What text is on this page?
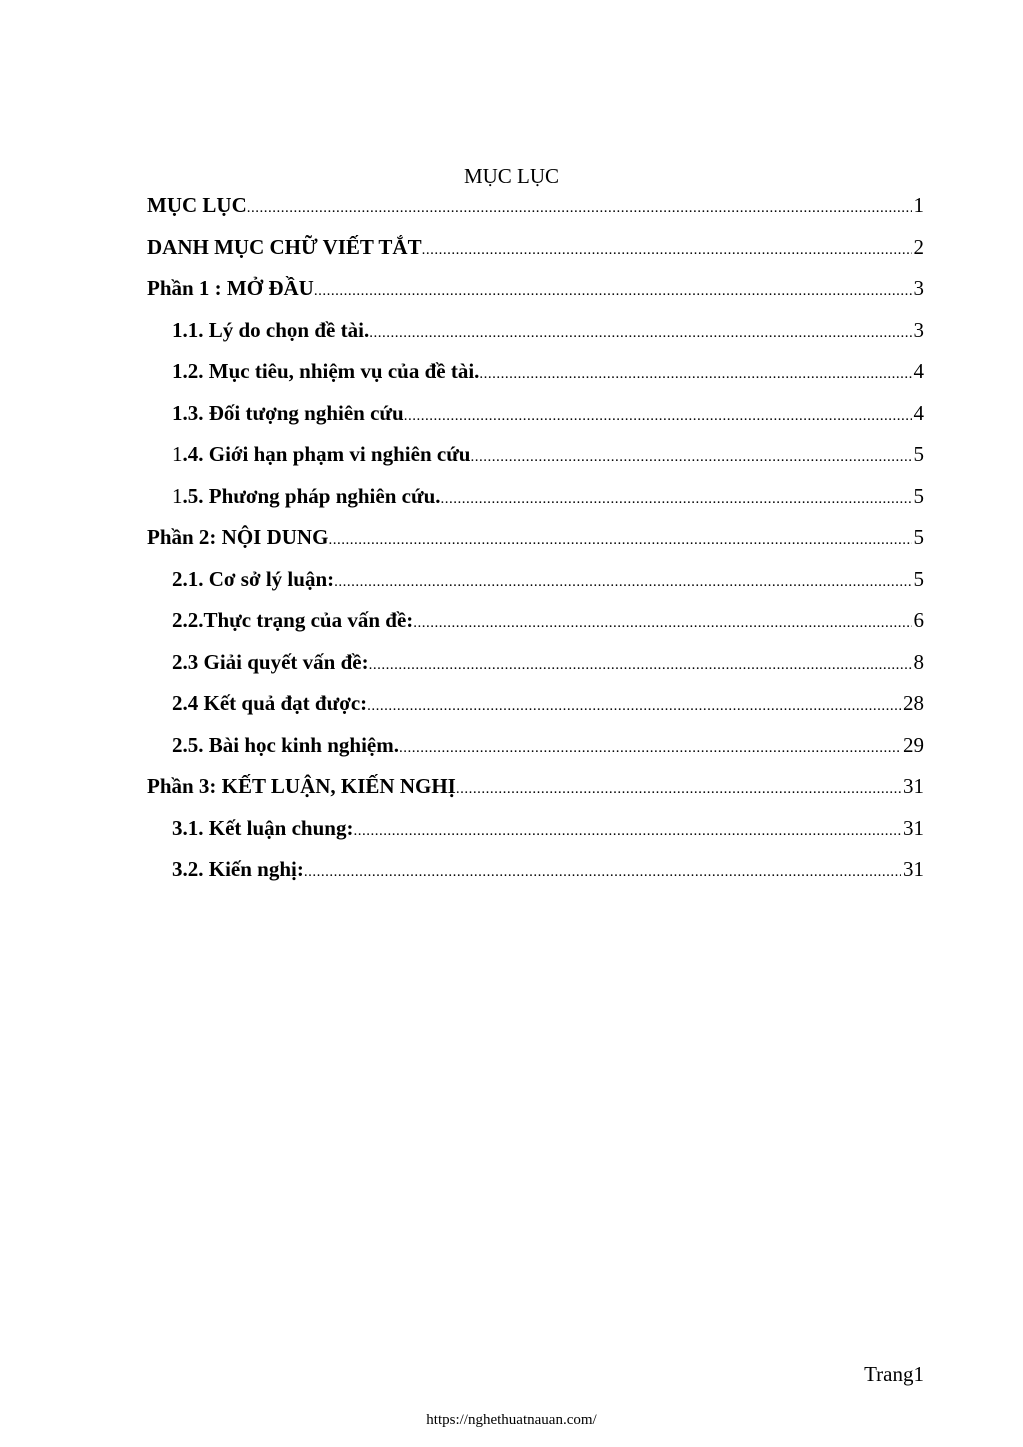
MỤC LỤC
MỤC LỤC .....	1
DANH MỤC CHỮ VIẾT TẮT .....	2
Phần 1 : MỞ ĐẦU .....	3
1.1. Lý do chọn đề tài. .....	3
1.2. Mục tiêu, nhiệm vụ của đề tài. .....	4
1.3. Đối tượng nghiên cứu .....	4
1.4. Giới hạn phạm vi nghiên cứu .....	5
1.5. Phương pháp nghiên cứu. .....	5
Phần 2: NỘI DUNG .....	5
2.1. Cơ sở lý luận: .....	5
2.2.Thực trạng của vấn đề: .....	6
2.3 Giải quyết vấn đề: .....	8
2.4 Kết quả đạt được: .....	28
2.5. Bài học kinh nghiệm. .....	29
Phần 3: KẾT LUẬN, KIẾN NGHỊ .....	31
3.1. Kết luận chung: .....	31
3.2. Kiến nghị: .....	31
Trang1
https://nghethuatnauan.com/
